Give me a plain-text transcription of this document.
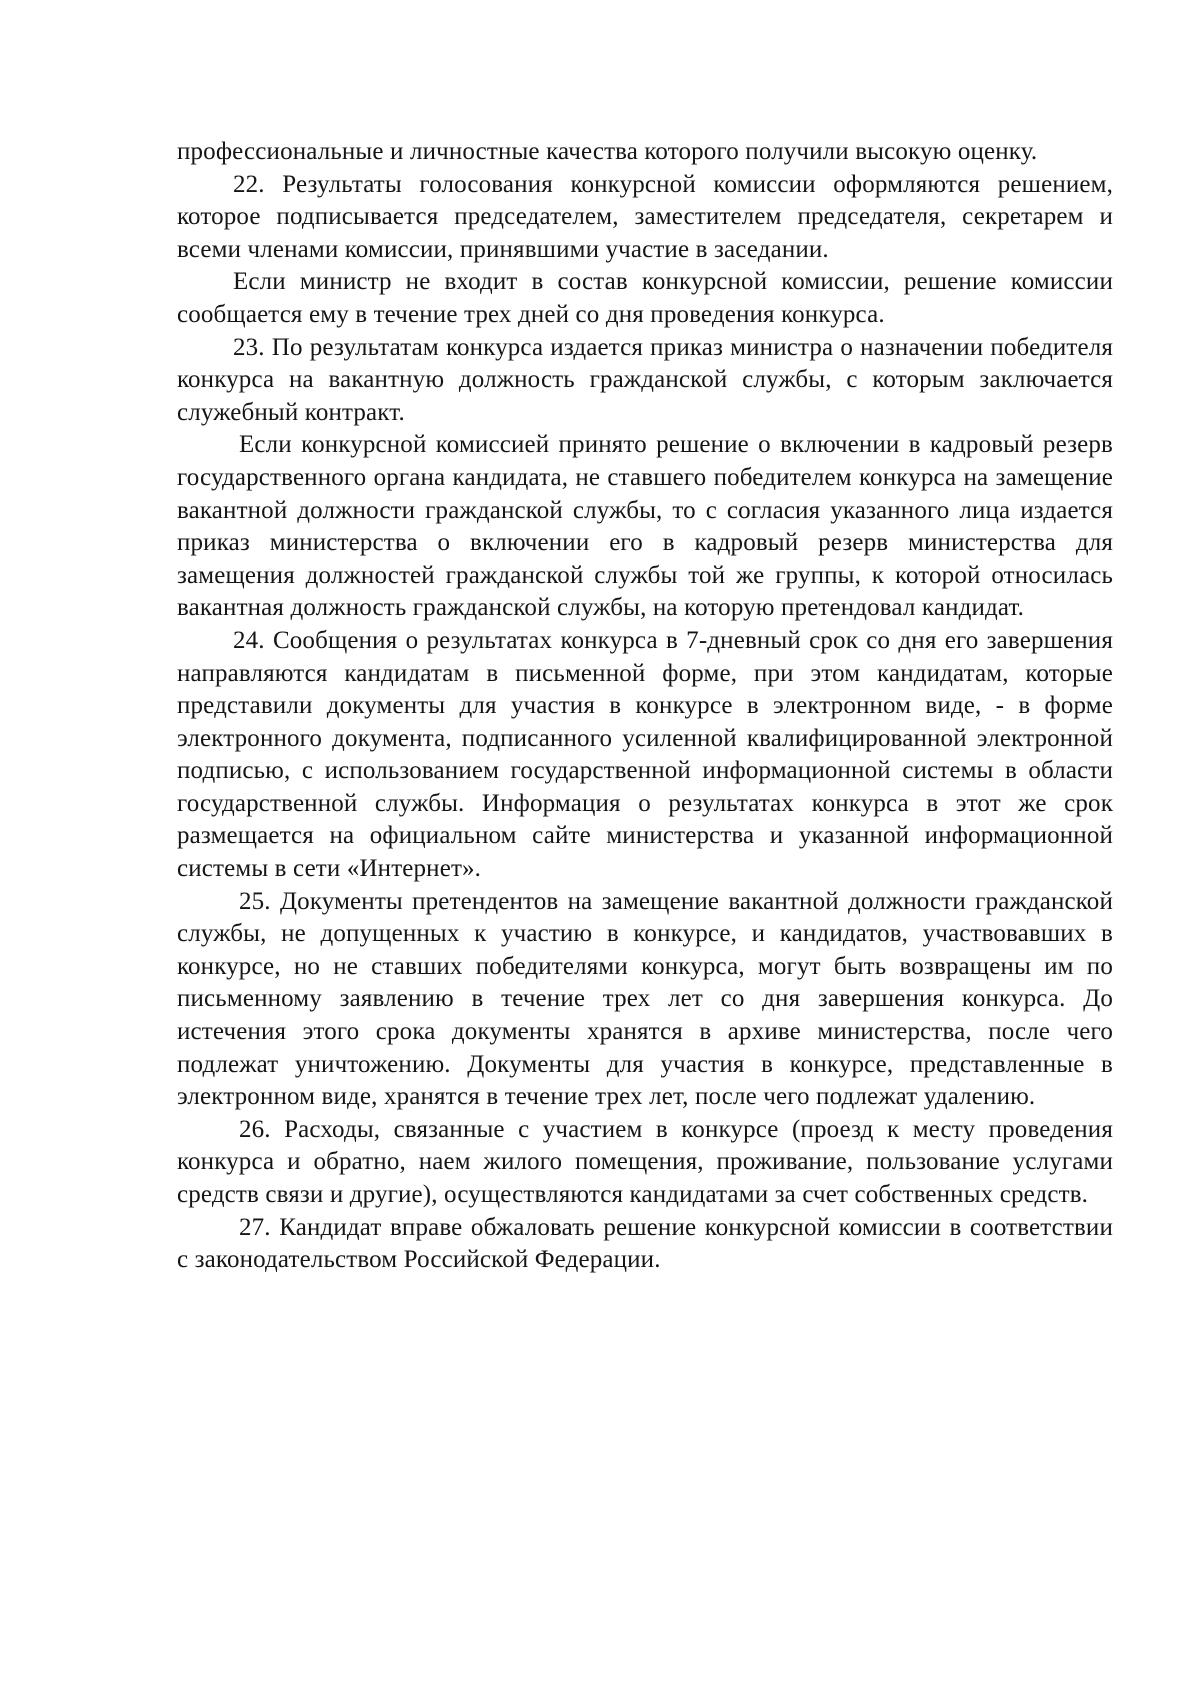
профессиональные и личностные качества которого получили высокую оценку.

22. Результаты голосования конкурсной комиссии оформляются решением, которое подписывается председателем, заместителем председателя, секретарем и всеми членами комиссии, принявшими участие в заседании.

Если министр не входит в состав конкурсной комиссии, решение комиссии сообщается ему в течение трех дней со дня проведения конкурса.

23. По результатам конкурса издается приказ министра о назначении победителя конкурса на вакантную должность гражданской службы, с которым заключается служебный контракт.

Если конкурсной комиссией принято решение о включении в кадровый резерв государственного органа кандидата, не ставшего победителем конкурса на замещение вакантной должности гражданской службы, то с согласия указанного лица издается приказ министерства о включении его в кадровый резерв министерства для замещения должностей гражданской службы той же группы, к которой относилась вакантная должность гражданской службы, на которую претендовал кандидат.

24. Сообщения о результатах конкурса в 7-дневный срок со дня его завершения направляются кандидатам в письменной форме, при этом кандидатам, которые представили документы для участия в конкурсе в электронном виде, - в форме электронного документа, подписанного усиленной квалифицированной электронной подписью, с использованием государственной информационной системы в области государственной службы. Информация о результатах конкурса в этот же срок размещается на официальном сайте министерства и указанной информационной системы в сети «Интернет».

25. Документы претендентов на замещение вакантной должности гражданской службы, не допущенных к участию в конкурсе, и кандидатов, участвовавших в конкурсе, но не ставших победителями конкурса, могут быть возвращены им по письменному заявлению в течение трех лет со дня завершения конкурса. До истечения этого срока документы хранятся в архиве министерства, после чего подлежат уничтожению. Документы для участия в конкурсе, представленные в электронном виде, хранятся в течение трех лет, после чего подлежат удалению.

26. Расходы, связанные с участием в конкурсе (проезд к месту проведения конкурса и обратно, наем жилого помещения, проживание, пользование услугами средств связи и другие), осуществляются кандидатами за счет собственных средств.

27. Кандидат вправе обжаловать решение конкурсной комиссии в соответствии с законодательством Российской Федерации.
